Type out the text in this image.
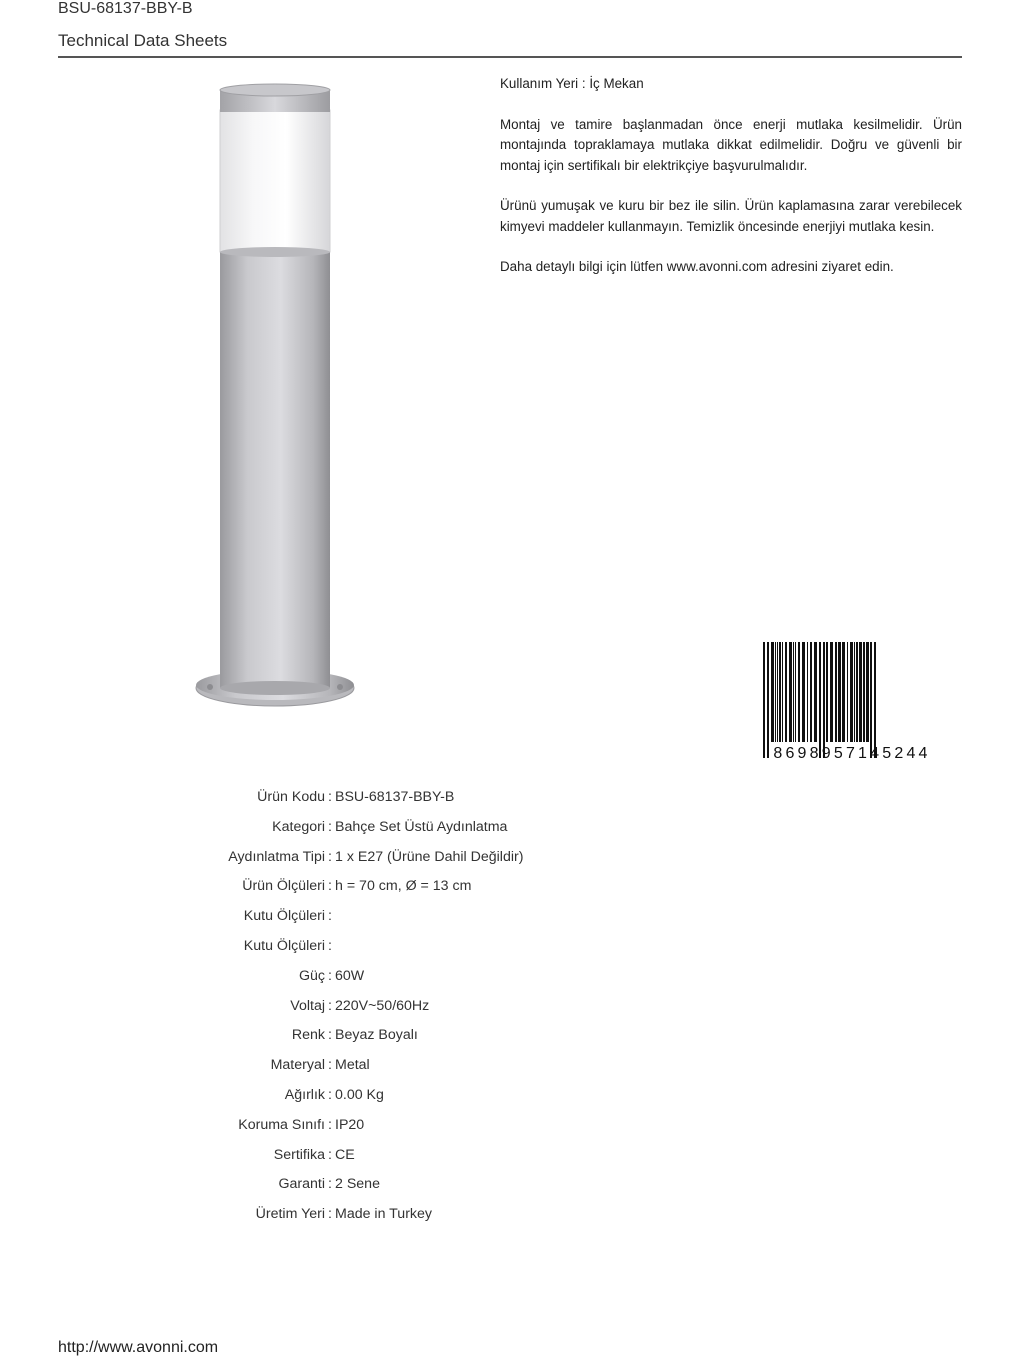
BSU-68137-BBY-B
Technical Data Sheets

Kullanım Yeri : İç Mekan

Montaj ve tamire başlanmadan önce enerji mutlaka kesilmelidir. Ürün montajında topraklamaya mutlaka dikkat edilmelidir. Doğru ve güvenli bir montaj için sertifikalı bir elektrikçiye başvurulmalıdır.

Ürünü yumuşak ve kuru bir bez ile silin. Ürün kaplamasına zarar verebilecek kimyevi maddeler kullanmayın. Temizlik öncesinde enerjiyi mutlaka kesin.

Daha detaylı bilgi için lütfen www.avonni.com adresini ziyaret edin.

8698957145244
Ürün Kodu : BSU-68137-BBY-B
Kategori : Bahçe Set Üstü Aydınlatma
Aydınlatma Tipi : 1 x E27 (Ürüne Dahil Değildir)
Ürün Ölçüleri : h = 70 cm, Ø = 13 cm
Kutu Ölçüleri :
Kutu Ölçüleri :
Güç : 60W
Voltaj : 220V~50/60Hz
Renk : Beyaz Boyalı
Materyal : Metal
Ağırlık : 0.00 Kg
Koruma Sınıfı : IP20
Sertifika : CE
Garanti : 2 Sene
Üretim Yeri : Made in Turkey
http://www.avonni.com
